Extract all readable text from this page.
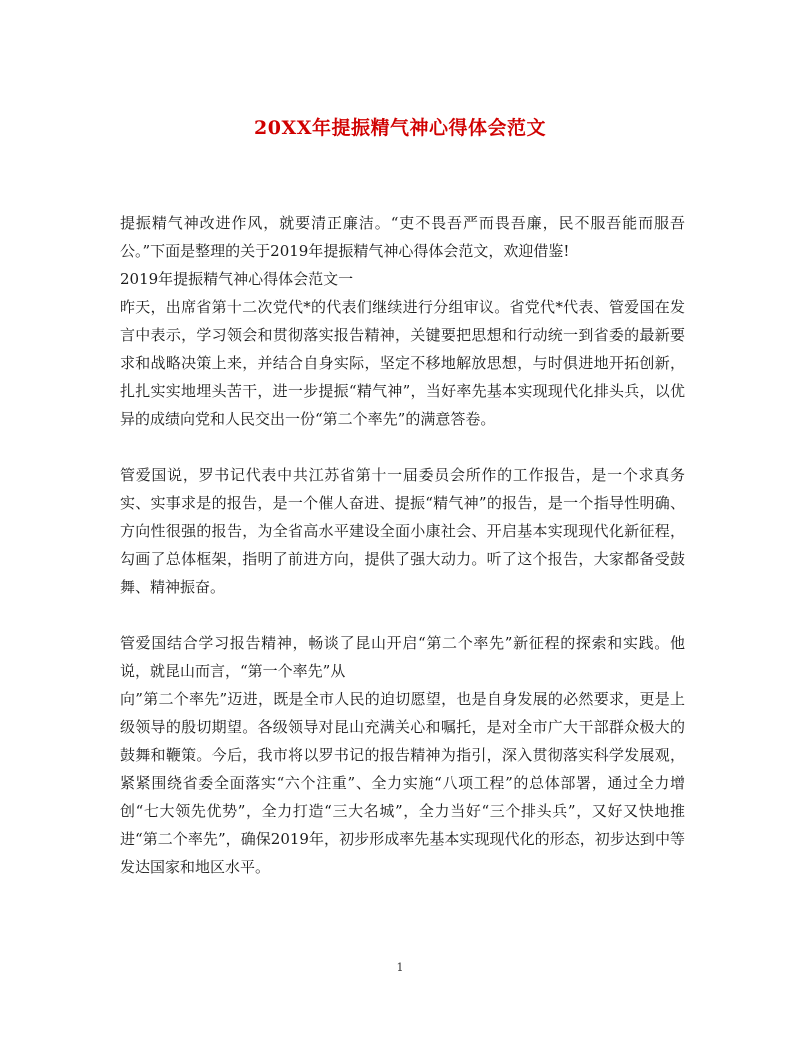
20XX年提振精气神心得体会范文

提振精气神改进作风，就要清正廉洁。“吏不畏吾严而畏吾廉，民不服吾能而服吾公。”下面是整理的关于2019年提振精气神心得体会范文，欢迎借鉴!

2019年提振精气神心得体会范文一

昨天，出席省第十二次党代*的代表们继续进行分组审议。省党代*代表、管爱国在发言中表示，学习领会和贯彻落实报告精神，关键要把思想和行动统一到省委的最新要求和战略决策上来，并结合自身实际，坚定不移地解放思想，与时俱进地开拓创新，扎扎实实地埋头苦干，进一步提振“精气神”，当好率先基本实现现代化排头兵，以优异的成绩向党和人民交出一份“第二个率先”的满意答卷。

管爱国说，罗书记代表中共江苏省第十一届委员会所作的工作报告，是一个求真务实、实事求是的报告，是一个催人奋进、提振“精气神”的报告，是一个指导性明确、方向性很强的报告，为全省高水平建设全面小康社会、开启基本实现现代化新征程，勾画了总体框架，指明了前进方向，提供了强大动力。听了这个报告，大家都备受鼓舞、精神振奋。

管爱国结合学习报告精神，畅谈了昆山开启“第二个率先”新征程的探索和实践。他说，就昆山而言，“第一个率先”从
向”第二个率先”迈进，既是全市人民的迫切愿望，也是自身发展的必然要求，更是上级领导的殷切期望。各级领导对昆山充满关心和嘱托，是对全市广大干部群众极大的鼓舞和鞭策。今后，我市将以罗书记的报告精神为指引，深入贯彻落实科学发展观，紧紧围绕省委全面落实“六个注重”、全力实施“八项工程”的总体部署，通过全力增创“七大领先优势”，全力打造“三大名城”，全力当好“三个排头兵”，又好又快地推进“第二个率先”，确保2019年，初步形成率先基本实现现代化的形态，初步达到中等发达国家和地区水平。

1
